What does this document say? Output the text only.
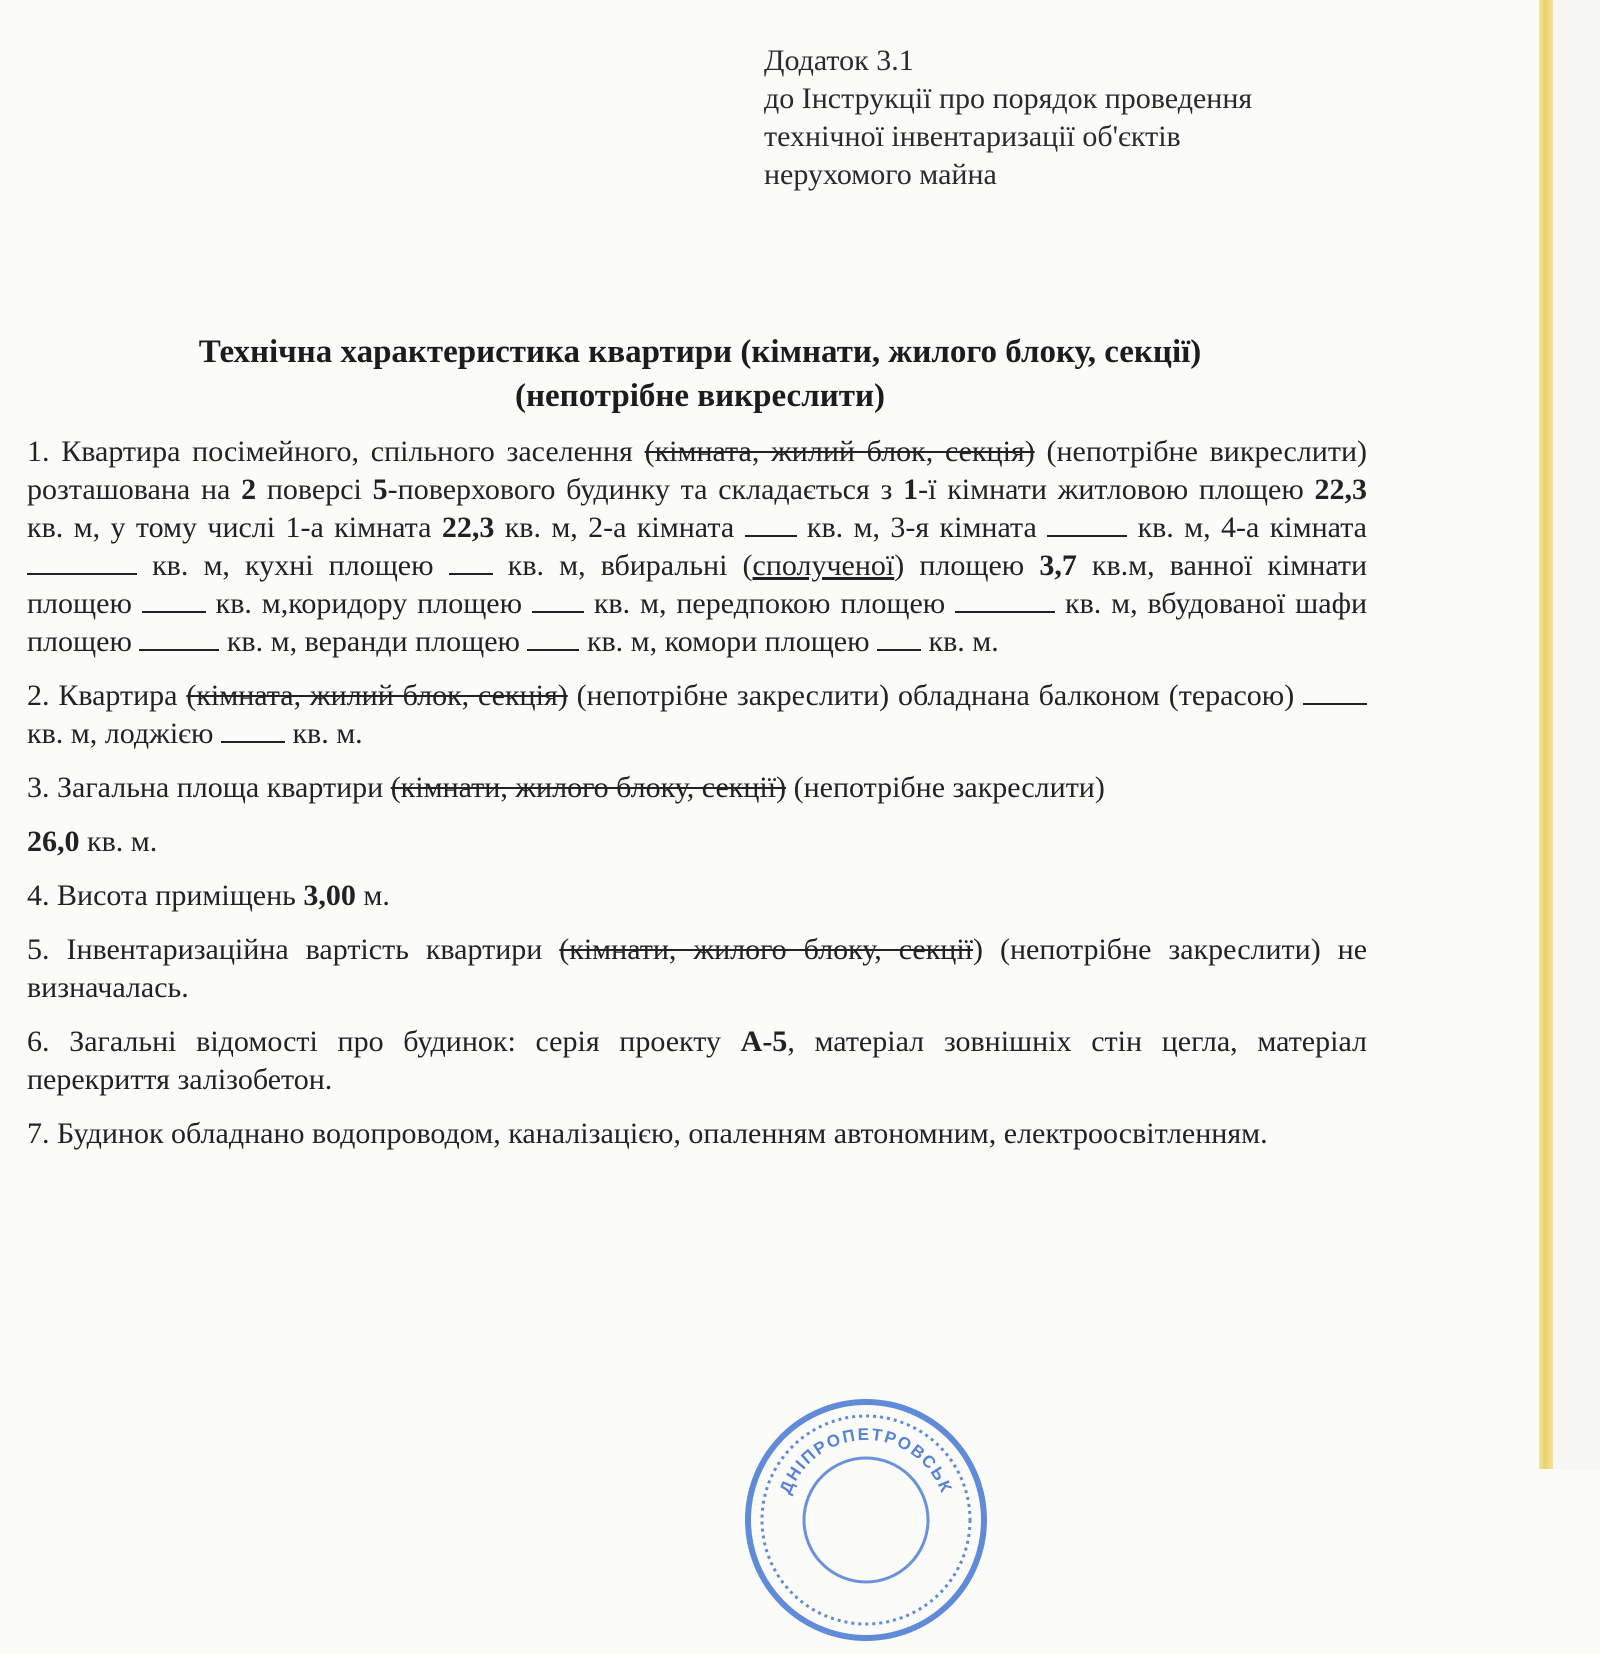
Додаток 3.1
до Інструкції про порядок проведення
технічної інвентаризації об'єктів
нерухомого майна
Технічна характеристика квартири (кімнати, жилого блоку, секції)
(непотрібне викреслити)

1. Квартира посімейного, спільного заселення (кімната, жилий блок, секція) (непотрібне викреслити) розташована на 2 поверсі 5-поверхового будинку та складається з 1-ї кімнати житловою площею 22,3 кв. м, у тому числі 1-а кімната 22,3 кв. м, 2-а кімната кв. м, 3-я кімната	кв. м, 4-а кімната  кв. м, кухні площею кв. м, вбиральні (сполученої) площею 3,7 кв.м, ванної кімнати площею	кв. м,коридору площею кв. м, передпокою площею	кв. м, вбудованої шафи площею	кв. м, веранди площею кв. м, комори площею кв. м.

2. Квартира (кімната, жилий блок, секція) (непотрібне закреслити) обладнана балконом (терасою)  кв. м, лоджією	кв. м.

3. Загальна площа квартири (кімнати, жилого блоку, секції) (непотрібне закреслити)

26,0 кв. м.

4. Висота приміщень 3,00 м.

5. Інвентаризаційна вартість квартири (кімнати, жилого блоку, секції) (непотрібне закреслити) не визначалась.

6. Загальні відомості про будинок: серія проекту А-5, матеріал зовнішніх стін цегла, матеріал перекриття залізобетон.

7. Будинок обладнано водопроводом, каналізацією, опаленням автономним, електроосвітленням.

ДНІПРОПЕТРОВСЬК
